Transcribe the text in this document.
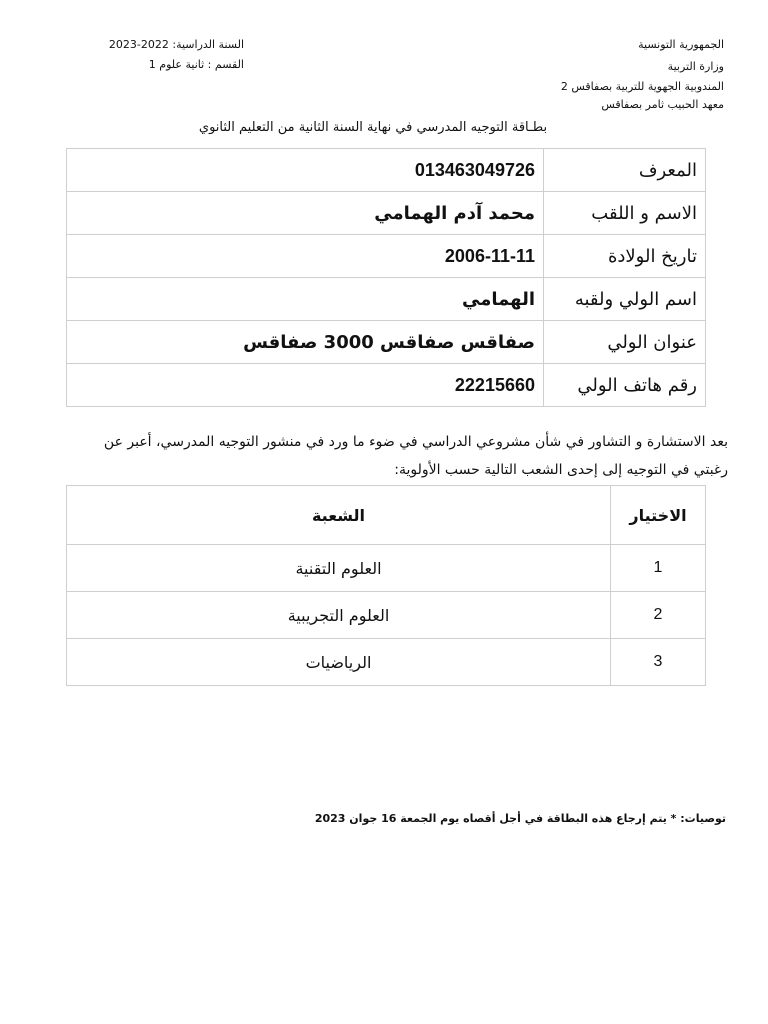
الجمهورية التونسية
وزارة التربية
المندوبية الجهوية للتربية بصفاقس 2
معهد الحبيب ثامر بصفاقس
السنة الدراسية: 2022-2023
القسم : ثانية علوم 1
بطـاقة التوجيه المدرسي في نهاية السنة الثانية من التعليم الثانوي
المعرف	013463049726
الاسم و اللقب	محمد آدم الهمامي
تاريخ الولادة	2006-11-11
اسم الولي ولقبه	الهمامي
عنوان الولي	صفاقس صفاقس 3000 صفاقس
رقم هاتف الولي	22215660
بعد الاستشارة و التشاور في شأن مشروعي الدراسي في ضوء ما ورد في منشور التوجيه المدرسي، أعبر عن
رغبتي في التوجيه إلى إحدى الشعب التالية حسب الأولوية:
الاختيار	الشعبة
1	العلوم التقنية
2	العلوم التجريبية
3	الرياضيات
توصيات: * يتم إرجاع هذه البطاقة في أجل أقصاه يوم الجمعة 16 جوان 2023
